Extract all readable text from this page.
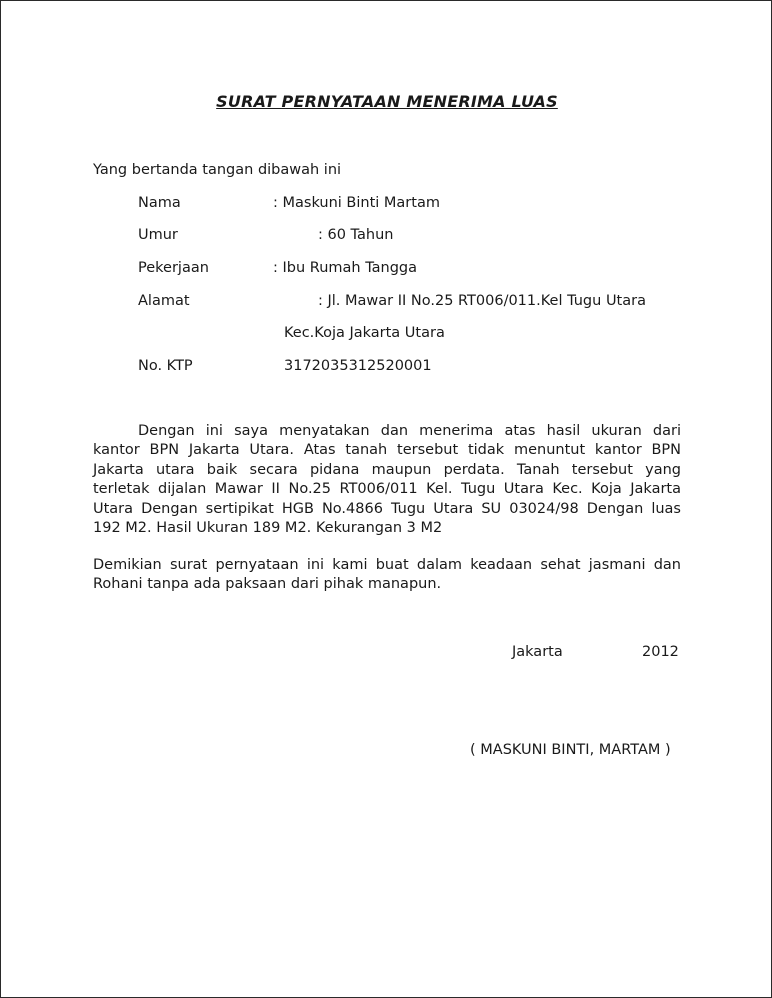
SURAT PERNYATAAN MENERIMA LUAS
Yang bertanda tangan dibawah ini
Nama	: Maskuni Binti Martam
Umur	: 60 Tahun
Pekerjaan	: Ibu Rumah Tangga
Alamat	: Jl. Mawar II No.25 RT006/011.Kel Tugu Utara
Kec.Koja Jakarta Utara
No. KTP	3172035312520001
Dengan ini saya menyatakan dan menerima atas hasil ukuran dari
kantor BPN Jakarta Utara. Atas tanah tersebut tidak menuntut kantor BPN
Jakarta utara baik secara pidana maupun perdata. Tanah tersebut yang
terletak dijalan Mawar II No.25 RT006/011 Kel. Tugu Utara Kec. Koja Jakarta
Utara Dengan sertipikat HGB No.4866 Tugu Utara SU 03024/98 Dengan luas
192 M2. Hasil Ukuran 189 M2. Kekurangan 3 M2
Demikian surat pernyataan ini kami buat dalam keadaan sehat jasmani dan
Rohani tanpa ada paksaan dari pihak manapun.
Jakarta	2012
( MASKUNI BINTI, MARTAM )
